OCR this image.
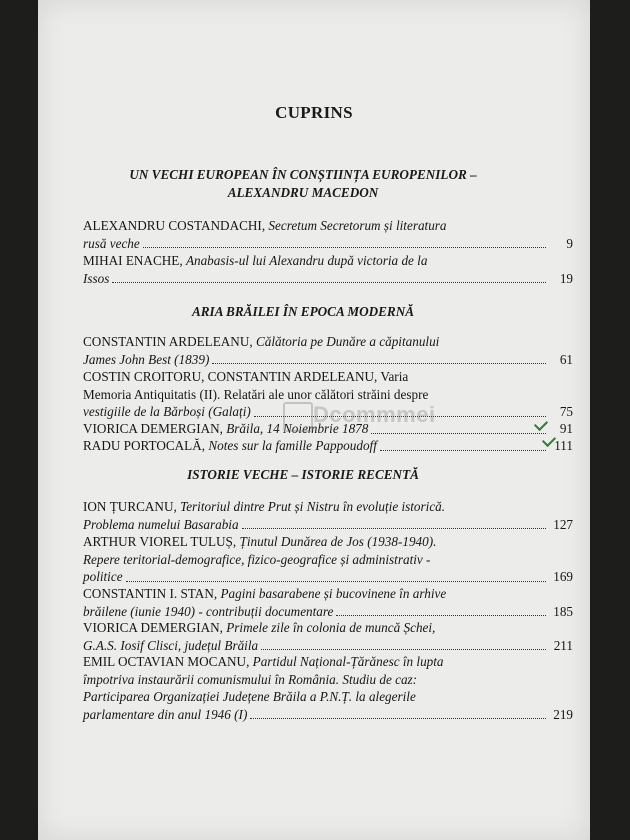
CUPRINS
UN VECHI EUROPEAN ÎN CONȘTIINȚA EUROPENILOR – ALEXANDRU MACEDON
ALEXANDRU COSTANDACHI, Secretum Secretorum și literatura
rusă veche	9
MIHAI ENACHE, Anabasis-ul lui Alexandru după victoria de la
Issos	19
ARIA BRĂILEI ÎN EPOCA MODERNĂ
CONSTANTIN ARDELEANU, Călătoria pe Dunăre a căpitanului
James John Best (1839)	61
COSTIN CROITORU, CONSTANTIN ARDELEANU, Varia
Memoria Antiquitatis (II). Relatări ale unor călători străini despre
vestigiile de la Bărboși (Galați)	75
VIORICA DEMERGIAN, Brăila, 14 Noiembrie 1878	91
RADU PORTOCALĂ, Notes sur la famille Pappoudoff	111
ISTORIE VECHE – ISTORIE RECENTĂ
ION ȚURCANU, Teritoriul dintre Prut și Nistru în evoluție istorică.
Problema numelui Basarabia	127
ARTHUR VIOREL TULUȘ, Ținutul Dunărea de Jos (1938-1940).
Repere teritorial-demografice, fizico-geografice și administrativ -
politice	169
CONSTANTIN I. STAN, Pagini basarabene și bucovinene în arhive
brăilene (iunie 1940) - contribuții documentare	185
VIORICA DEMERGIAN, Primele zile în colonia de muncă Șchei,
G.A.S. Iosif Clisci, județul Brăila	211
EMIL OCTAVIAN MOCANU, Partidul Național-Țărănesc în lupta
împotriva instaurării comunismului în România. Studiu de caz:
Participarea Organizației Județene Brăila a P.N.Ț. la alegerile
parlamentare din anul 1946 (I)	219
Dcommmei
